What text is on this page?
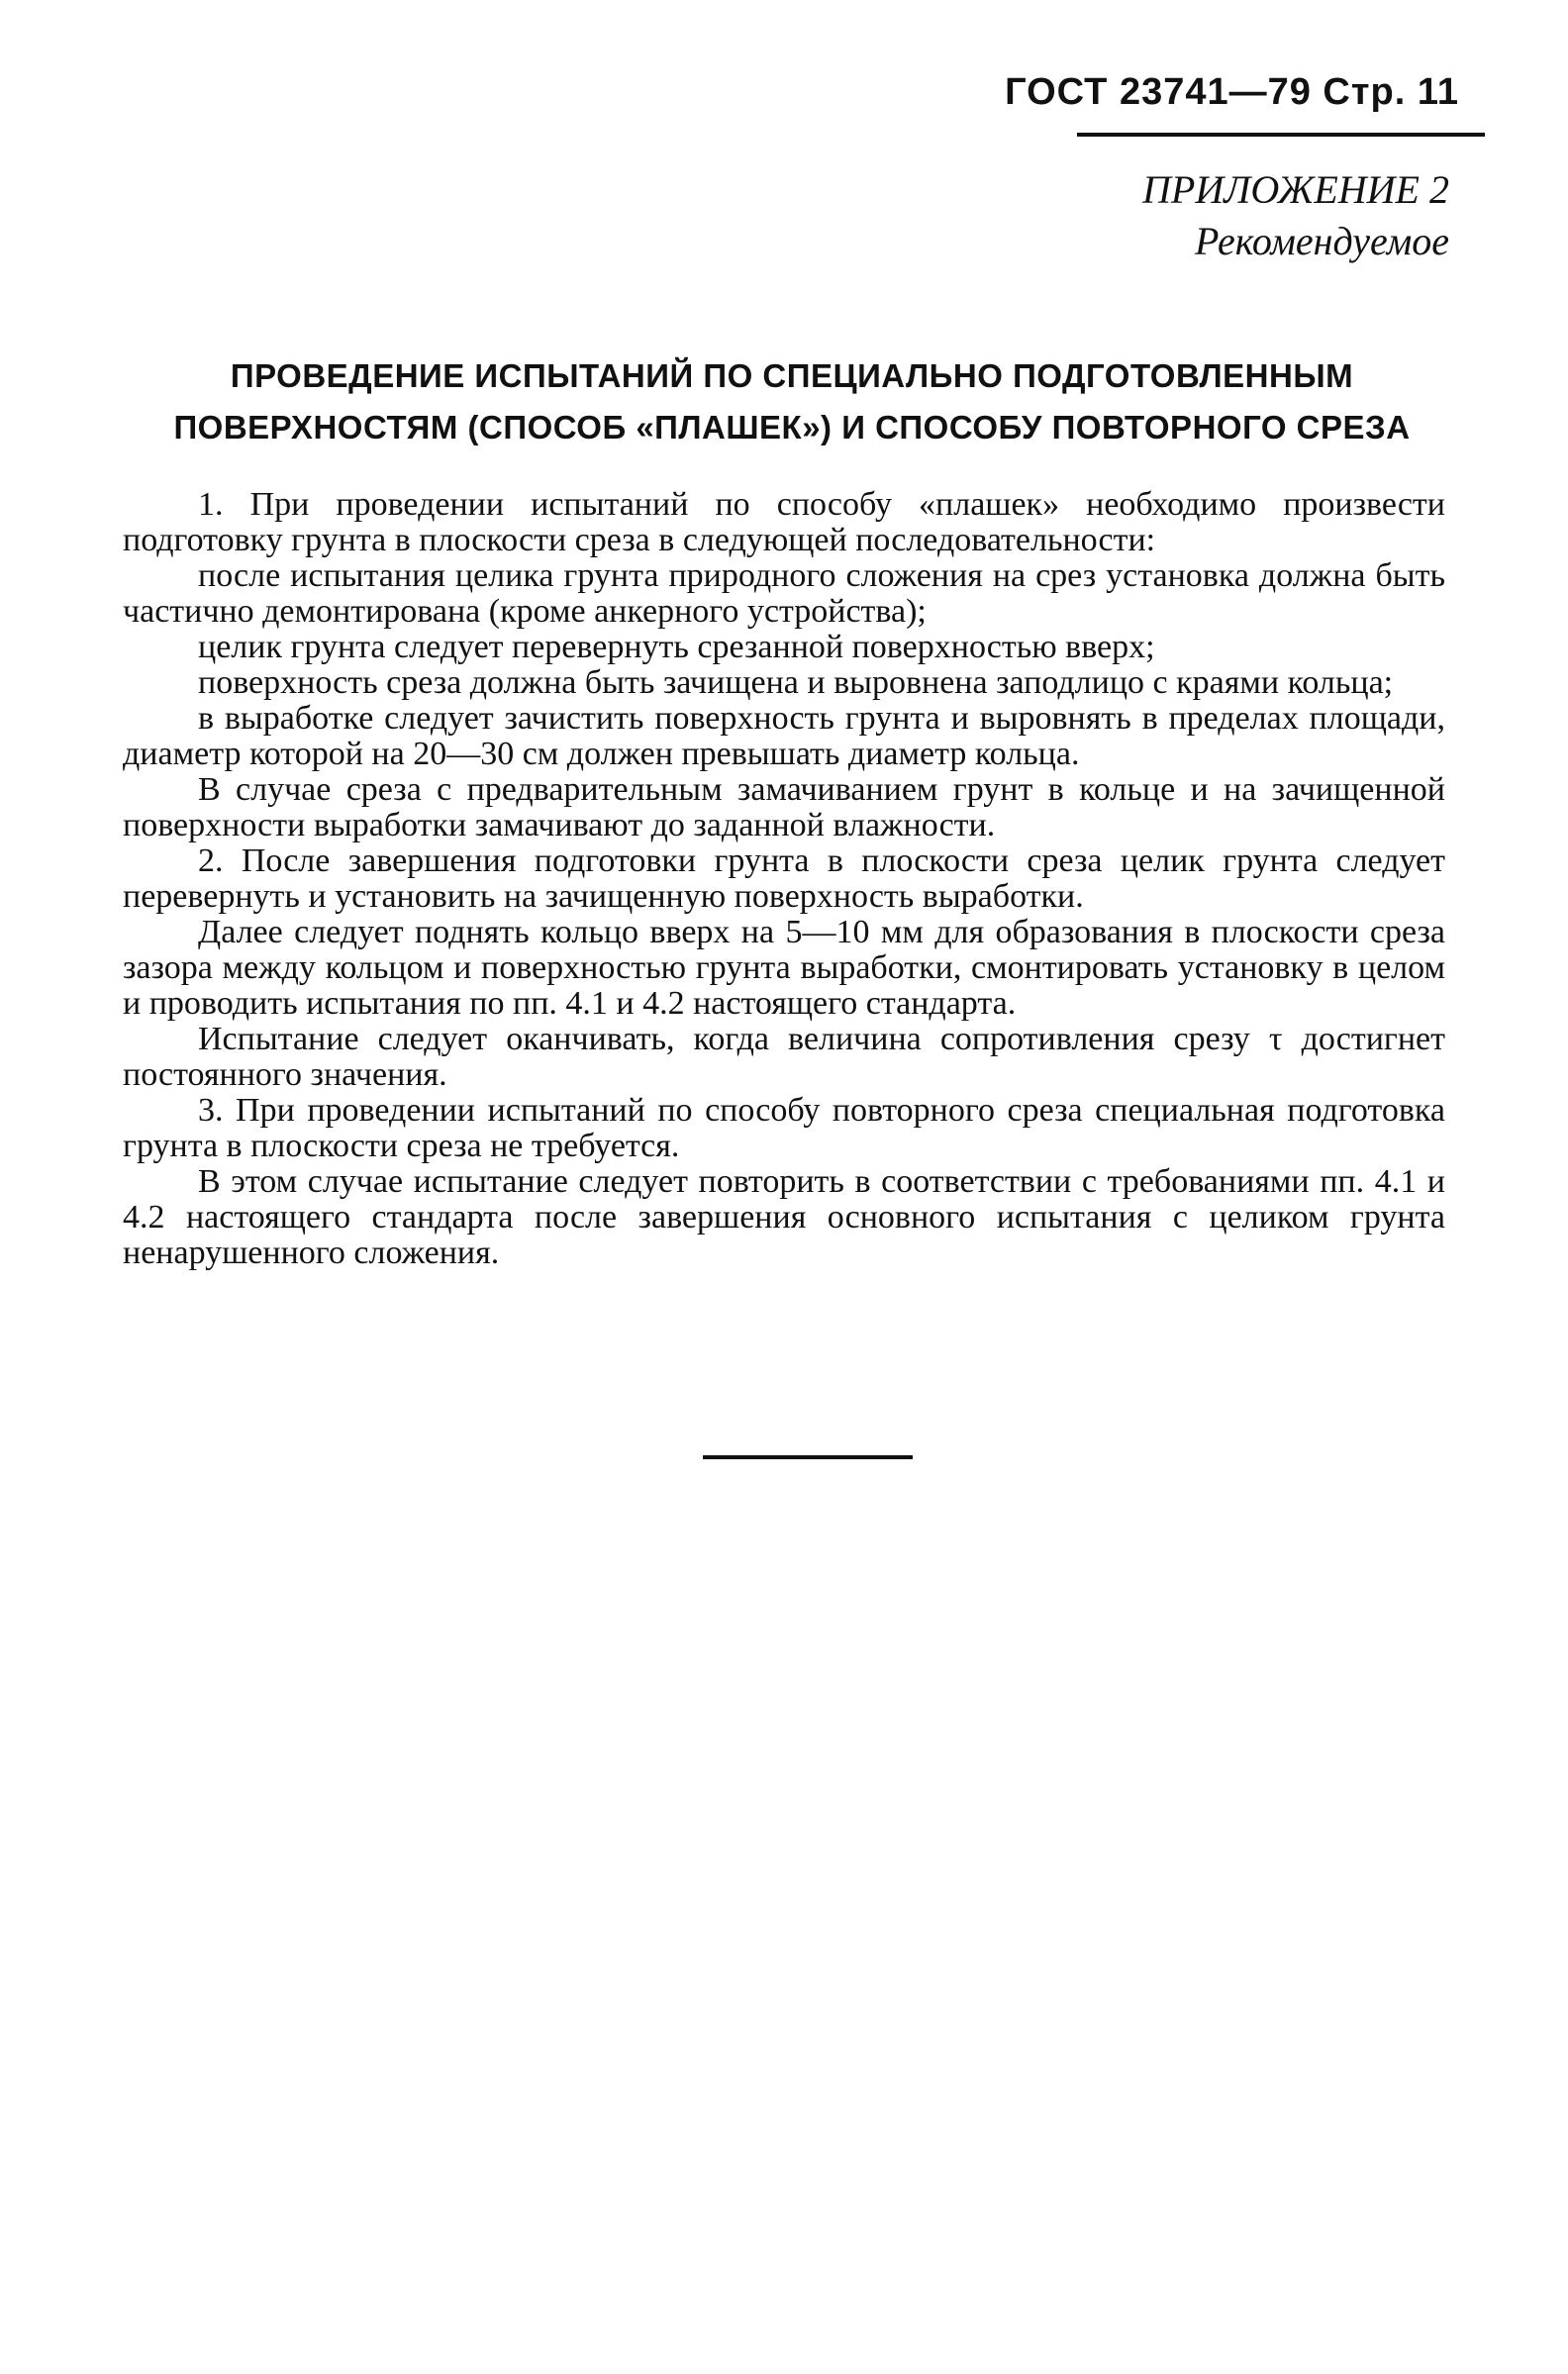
ГОСТ 23741—79 Стр. 11
ПРИЛОЖЕНИЕ 2
Рекомендуемое
ПРОВЕДЕНИЕ ИСПЫТАНИЙ ПО СПЕЦИАЛЬНО ПОДГОТОВЛЕННЫМ
ПОВЕРХНОСТЯМ (СПОСОБ «ПЛАШЕК») И СПОСОБУ ПОВТОРНОГО СРЕЗА

1. При проведении испытаний по способу «плашек» необходимо произвести подготовку грунта в плоскости среза в следующей последовательности:

после испытания целика грунта природного сложения на срез установка должна быть частично демонтирована (кроме анкерного устройства);

целик грунта следует перевернуть срезанной поверхностью вверх;

поверхность среза должна быть зачищена и выровнена заподлицо с краями кольца;

в выработке следует зачистить поверхность грунта и выровнять в пределах площади, диаметр которой на 20—30 см должен превышать диаметр кольца.

В случае среза с предварительным замачиванием грунт в кольце и на зачищенной поверхности выработки замачивают до заданной влажности.

2. После завершения подготовки грунта в плоскости среза целик грунта следует перевернуть и установить на зачищенную поверхность выработки.

Далее следует поднять кольцо вверх на 5—10 мм для образования в плоскости среза зазора между кольцом и поверхностью грунта выработки, смонтировать установку в целом и проводить испытания по пп. 4.1 и 4.2 настоящего стандарта.

Испытание следует оканчивать, когда величина сопротивления срезу τ достигнет постоянного значения.

3. При проведении испытаний по способу повторного среза специальная подготовка грунта в плоскости среза не требуется.

В этом случае испытание следует повторить в соответствии с требованиями пп. 4.1 и 4.2 настоящего стандарта после завершения основного испытания с целиком грунта ненарушенного сложения.
